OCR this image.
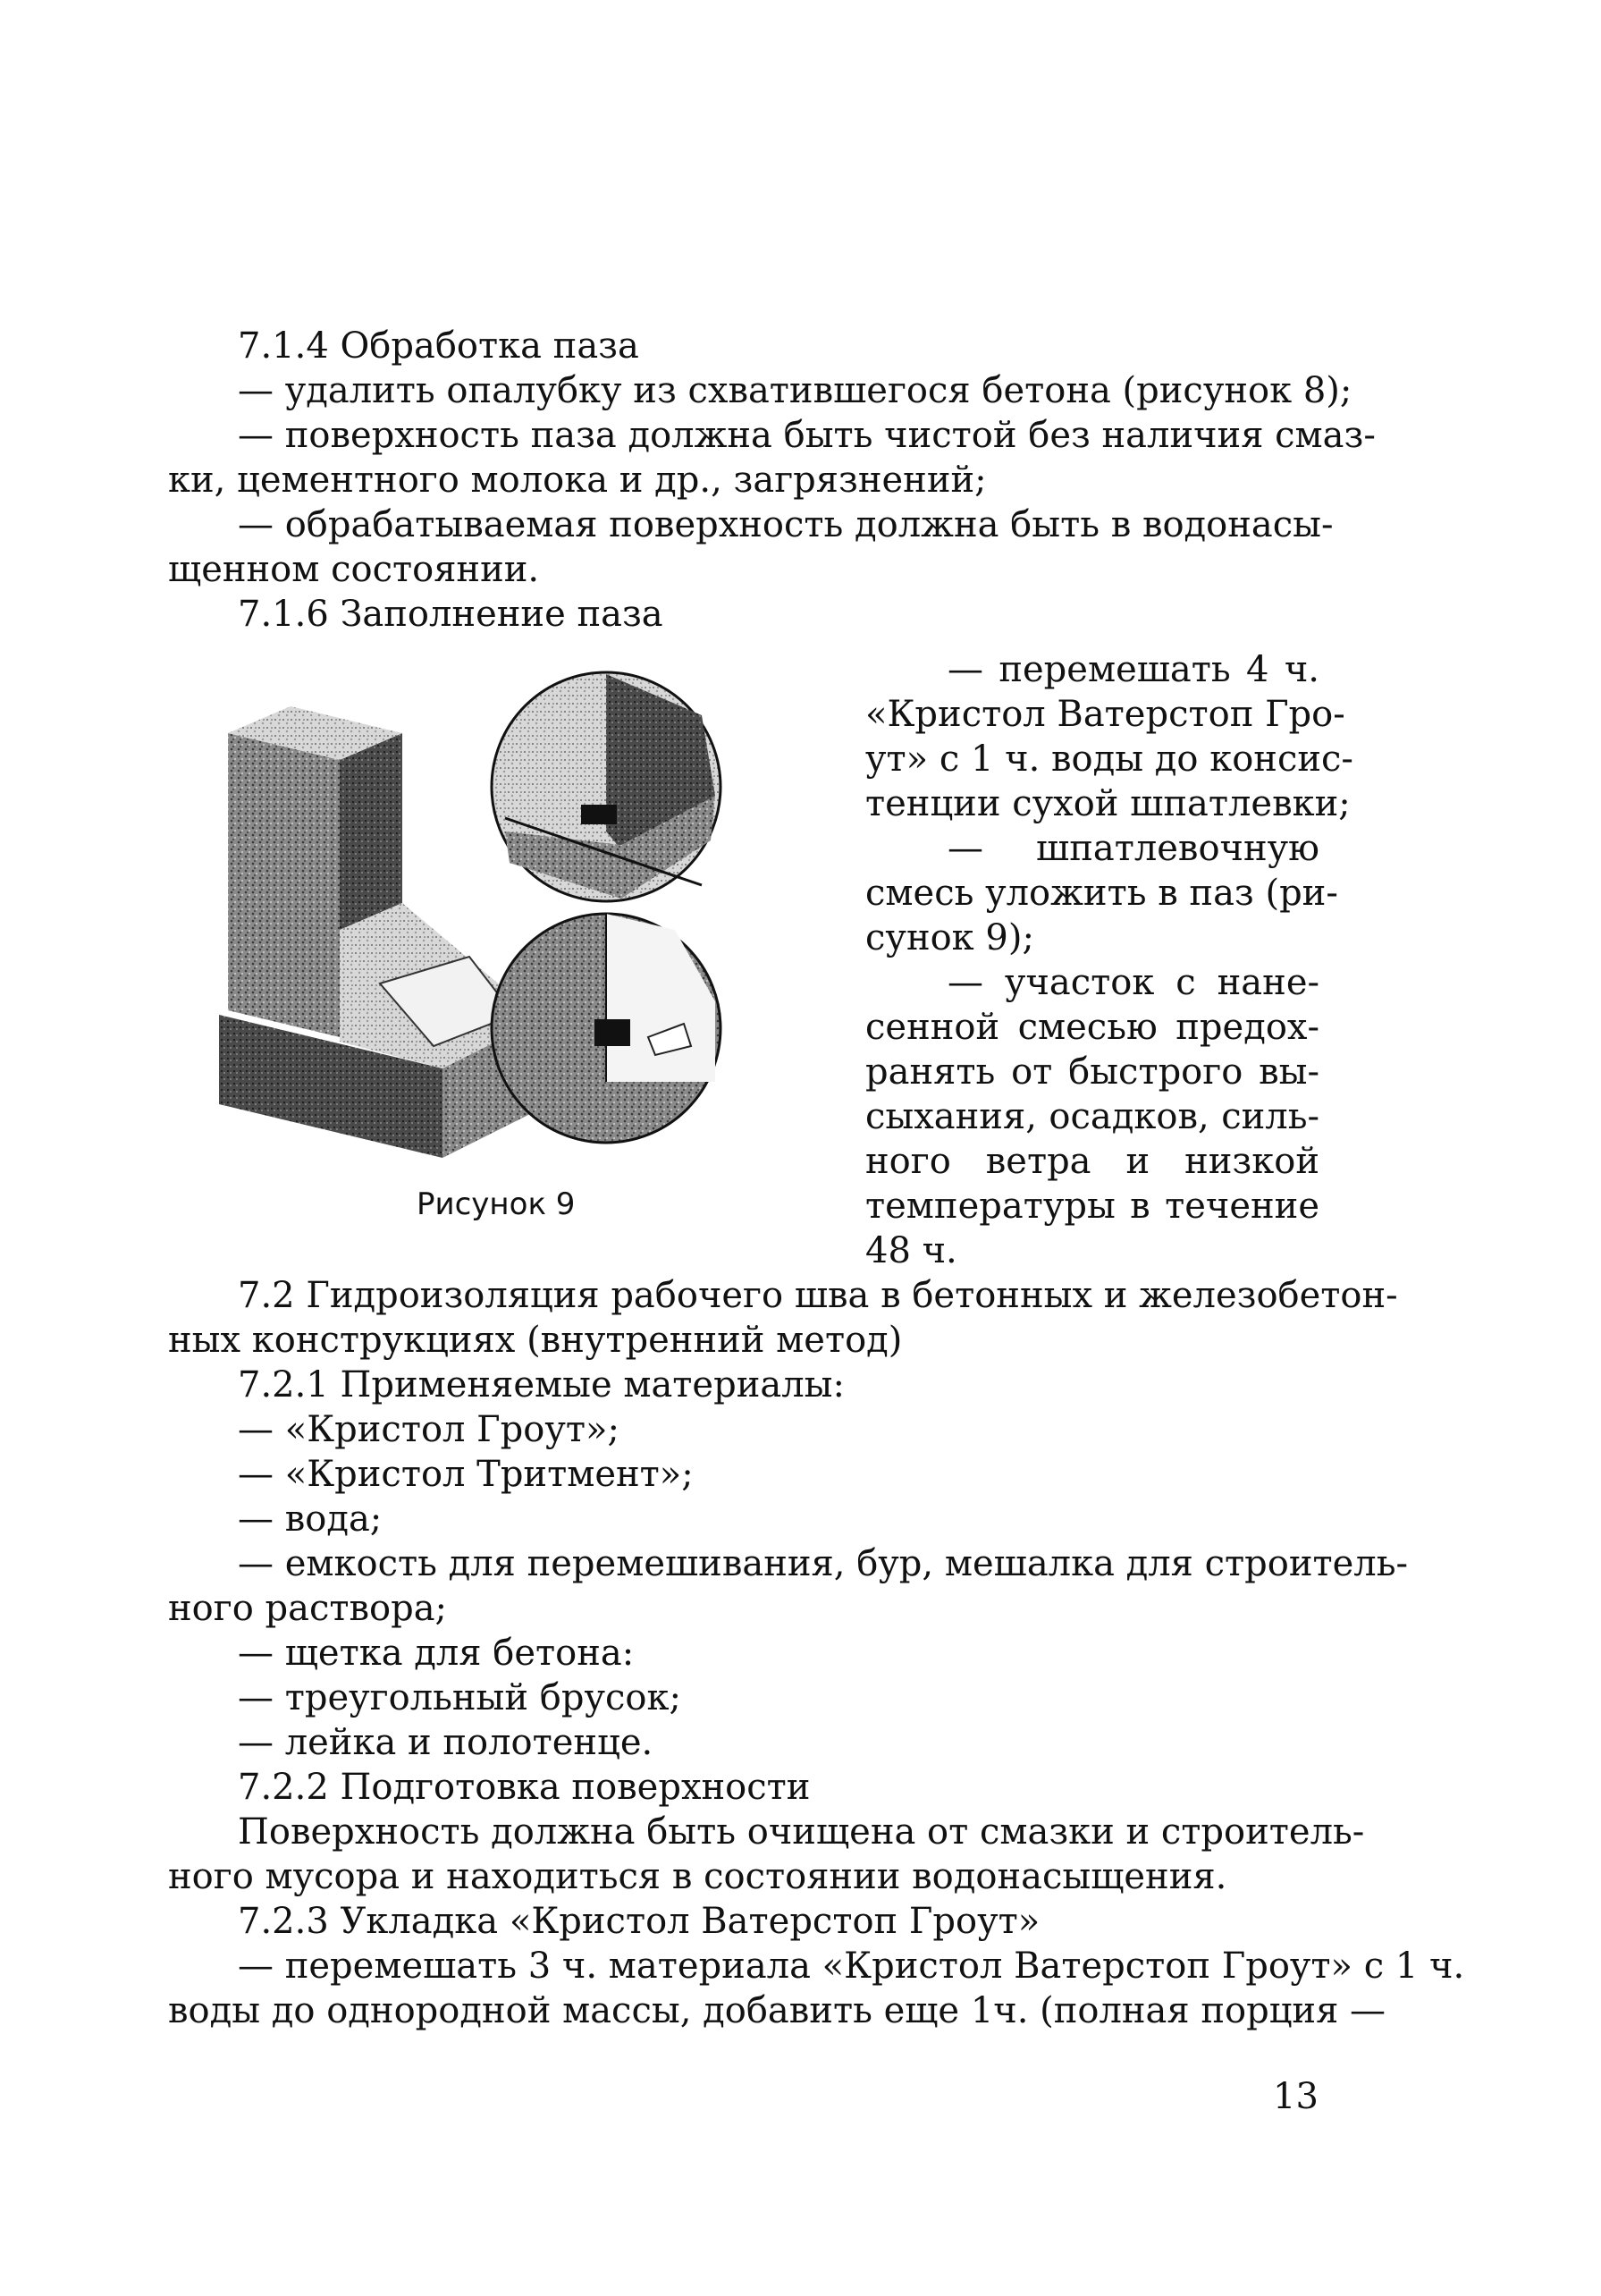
7.1.4 Обработка паза
— удалить опалубку из схватившегося бетона (рисунок 8);
— поверхность паза должна быть чистой без наличия смаз-
ки, цементного молока и др., загрязнений;
— обрабатываемая поверхность должна быть в водонасы-
щенном состоянии.
7.1.6 Заполнение паза
Рисунок 9
— перемешать 4 ч.
«Кристол Ватерстоп Гро-
ут» с 1 ч. воды до консис-
тенции сухой шпатлевки;
— шпатлевочную
смесь уложить в паз (ри-
сунок 9);
— участок с нане-
сенной смесью предох-
ранять от быстрого вы-
сыхания, осадков, силь-
ного ветра и низкой
температуры в течение
48 ч.
7.2 Гидроизоляция рабочего шва в бетонных и железобетон-
ных конструкциях (внутренний метод)
7.2.1 Применяемые материалы:
— «Кристол Гроут»;
— «Кристол Тритмент»;
— вода;
— емкость для перемешивания, бур, мешалка для строитель-
ного раствора;
— щетка для бетона:
— треугольный брусок;
— лейка и полотенце.
7.2.2 Подготовка поверхности
Поверхность должна быть очищена от смазки и строитель-
ного мусора и находиться в состоянии водонасыщения.
7.2.3 Укладка «Кристол Ватерстоп Гроут»
— перемешать 3 ч. материала «Кристол Ватерстоп Гроут» с 1 ч.
воды до однородной массы, добавить еще 1ч. (полная порция —
13
